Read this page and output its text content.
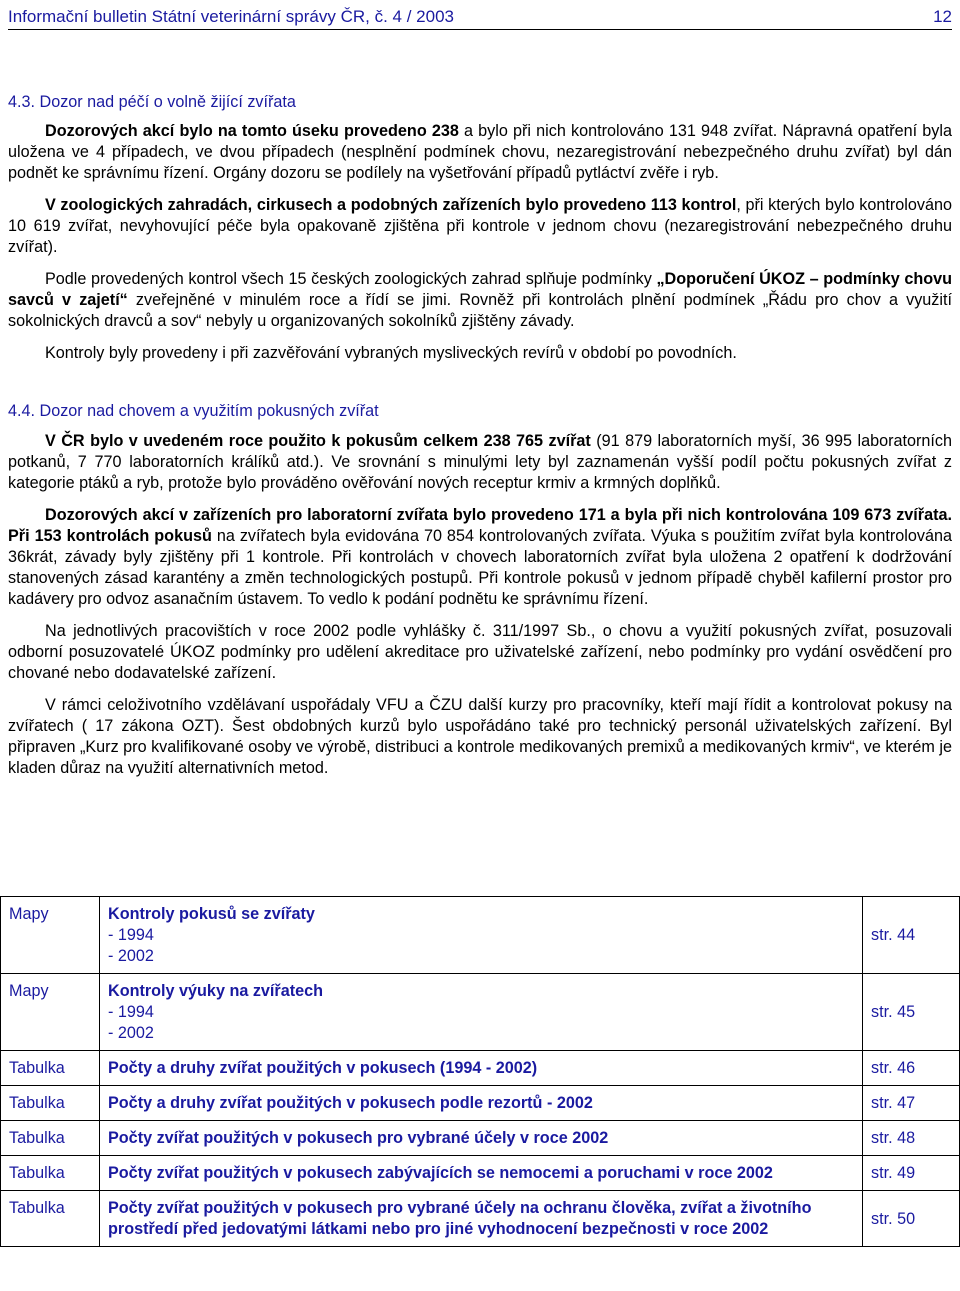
Informační bulletin Státní veterinární správy ČR, č. 4 / 2003	12
4.3. Dozor nad péčí o volně žijící zvířata

Dozorových akcí bylo na tomto úseku provedeno 238 a bylo při nich kontrolováno 131 948 zvířat. Nápravná opatření byla uložena ve 4 případech, ve dvou případech (nesplnění podmínek chovu, nezaregistrování nebezpečného druhu zvířat) byl dán podnět ke správnímu řízení. Orgány dozoru se podílely na vyšetřování případů pytláctví zvěře i ryb.

V zoologických zahradách, cirkusech a podobných zařízeních bylo provedeno 113 kontrol, při kterých bylo kontrolováno 10 619 zvířat, nevyhovující péče byla opakovaně zjištěna při kontrole v jednom chovu (nezaregistrování nebezpečného druhu zvířat).

Podle provedených kontrol všech 15 českých zoologických zahrad splňuje podmínky „Doporučení ÚKOZ – podmínky chovu savců v zajetí“ zveřejněné v minulém roce a řídí se jimi. Rovněž při kontrolách plnění podmínek „Řádu pro chov a využití sokolnických dravců a sov“ nebyly u organizovaných sokolníků zjištěny závady.

Kontroly byly provedeny i při zazvěřování vybraných mysliveckých revírů v období po povodních.

4.4. Dozor nad chovem a využitím pokusných zvířat

V ČR bylo v uvedeném roce použito k pokusům celkem 238 765 zvířat (91 879 laboratorních myší, 36 995 laboratorních potkanů, 7 770 laboratorních králíků atd.). Ve srovnání s minulými lety byl zaznamenán vyšší podíl počtu pokusných zvířat z kategorie ptáků a ryb, protože bylo prováděno ověřování nových receptur krmiv a krmných doplňků.

Dozorových akcí v zařízeních pro laboratorní zvířata bylo provedeno 171 a byla při nich kontrolována 109 673 zvířata. Při 153 kontrolách pokusů na zvířatech byla evidována 70 854 kontrolovaných zvířata. Výuka s použitím zvířat byla kontrolována 36krát, závady byly zjištěny při 1 kontrole. Při kontrolách v chovech laboratorních zvířat byla uložena 2 opatření k dodržování stanovených zásad karantény a změn technologických postupů. Při kontrole pokusů v jednom případě chyběl kafilerní prostor pro kadávery pro odvoz asanačním ústavem. To vedlo k podání podnětu ke správnímu řízení.

Na jednotlivých pracovištích v roce 2002 podle vyhlášky č. 311/1997 Sb., o chovu a využití pokusných zvířat, posuzovali odborní posuzovatelé ÚKOZ podmínky pro udělení akreditace pro uživatelské zařízení, nebo podmínky pro vydání osvědčení pro chované nebo dodavatelské zařízení.

V rámci celoživotního vzdělávaní uspořádaly VFU a ČZU další kurzy pro pracovníky, kteří mají řídit a kontrolovat pokusy na zvířatech ( 17 zákona OZT). Šest obdobných kurzů bylo uspořádáno také pro technický personál uživatelských zařízení. Byl připraven „Kurz pro kvalifikované osoby ve výrobě, distribuci a kontrole medikovaných premixů a medikovaných krmiv“, ve kterém je kladen důraz na využití alternativních metod.

Mapy	Kontroly pokusů se zvířaty
- 1994
- 2002	str. 44
Mapy	Kontroly výuky na zvířatech
- 1994
- 2002	str. 45
Tabulka	Počty a druhy zvířat použitých v pokusech (1994 - 2002)	str. 46
Tabulka	Počty a druhy zvířat použitých v pokusech podle rezortů - 2002	str. 47
Tabulka	Počty zvířat použitých v pokusech pro vybrané účely v roce 2002	str. 48
Tabulka	Počty zvířat použitých v pokusech zabývajících se nemocemi a poruchami v roce 2002	str. 49
Tabulka	Počty zvířat použitých v pokusech pro vybrané účely na ochranu člověka, zvířat a životního prostředí před jedovatými látkami nebo pro jiné vyhodnocení bezpečnosti v roce 2002	str. 50
